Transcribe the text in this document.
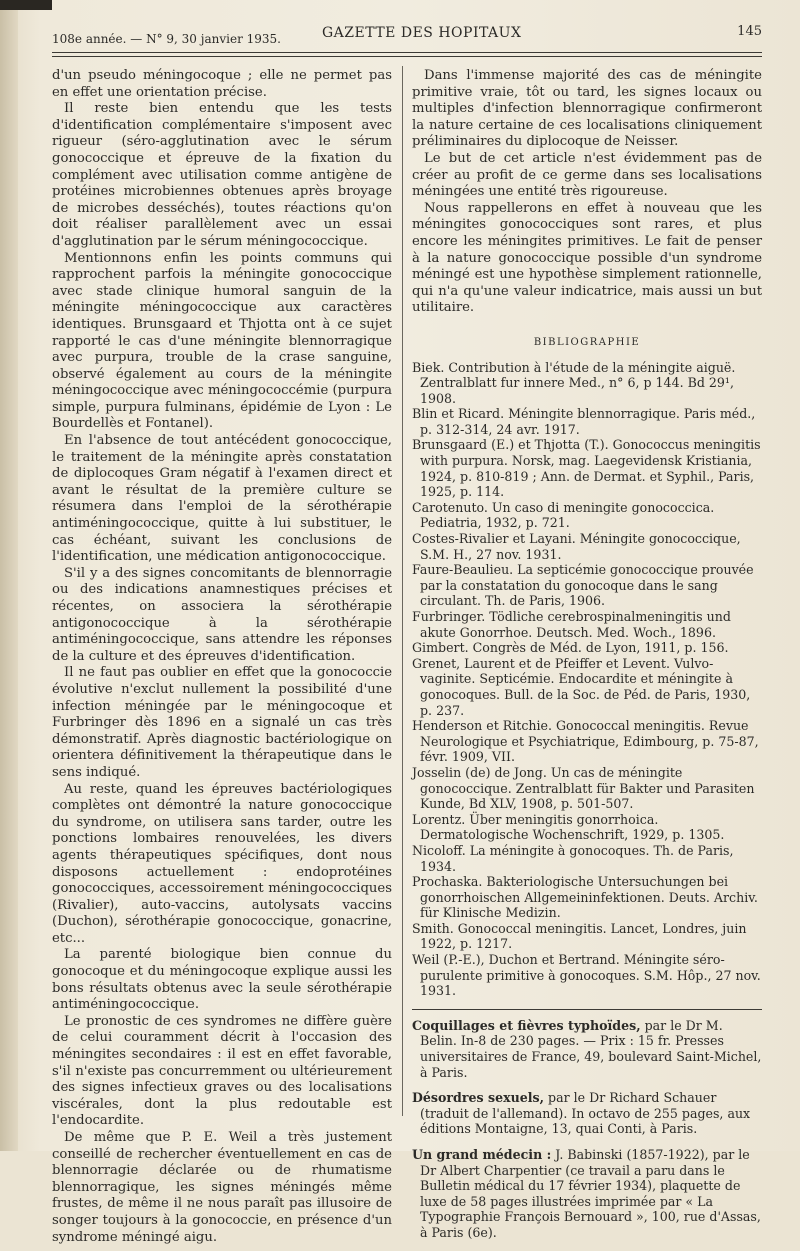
108e année. — N° 9, 30 janvier 1935.	GAZETTE DES HOPITAUX	145

d'un pseudo méningocoque ; elle ne permet pas en effet une orientation précise.

Il reste bien entendu que les tests d'identification complémentaire s'imposent avec rigueur (séro-agglutination avec le sérum gonococcique et épreuve de la fixation du complément avec utilisation comme antigène de protéines microbiennes obtenues après broyage de microbes desséchés), toutes réactions qu'on doit réaliser parallèlement avec un essai d'agglutination par le sérum méningococcique.

Mentionnons enfin les points communs qui rapprochent parfois la méningite gonococcique avec stade clinique humoral sanguin de la méningite méningococcique aux caractères identiques. Brunsgaard et Thjotta ont à ce sujet rapporté le cas d'une méningite blennorragique avec purpura, trouble de la crase sanguine, observé également au cours de la méningite méningococcique avec méningococcémie (purpura simple, purpura fulminans, épidémie de Lyon : Le Bourdellès et Fontanel).

En l'absence de tout antécédent gonococcique, le traitement de la méningite après constatation de diplocoques Gram négatif à l'examen direct et avant le résultat de la première culture se résumera dans l'emploi de la sérothérapie antiméningococcique, quitte à lui substituer, le cas échéant, suivant les conclusions de l'identification, une médication antigonococcique.

S'il y a des signes concomitants de blennorragie ou des indications anamnestiques précises et récentes, on associera la sérothérapie antigonococcique à la sérothérapie antiméningococcique, sans attendre les réponses de la culture et des épreuves d'identification.

Il ne faut pas oublier en effet que la gonococcie évolutive n'exclut nullement la possibilité d'une infection méningée par le méningocoque et Furbringer dès 1896 en a signalé un cas très démonstratif. Après diagnostic bactériologique on orientera définitivement la thérapeutique dans le sens indiqué.

Au reste, quand les épreuves bactériologiques complètes ont démontré la nature gonococcique du syndrome, on utilisera sans tarder, outre les ponctions lombaires renouvelées, les divers agents thérapeutiques spécifiques, dont nous disposons actuellement : endoprotéines gonococciques, accessoirement méningococciques (Rivalier), auto-vaccins, autolysats vaccins (Duchon), sérothérapie gonococcique, gonacrine, etc...

La parenté biologique bien connue du gonocoque et du méningocoque explique aussi les bons résultats obtenus avec la seule sérothérapie antiméningococcique.

Le pronostic de ces syndromes ne diffère guère de celui couramment décrit à l'occasion des méningites secondaires : il est en effet favorable, s'il n'existe pas concurremment ou ultérieurement des signes infectieux graves ou des localisations viscérales, dont la plus redoutable est l'endocardite.

De même que P. E. Weil a très justement conseillé de rechercher éventuellement en cas de blennorragie déclarée ou de rhumatisme blennorragique, les signes méningés même frustes, de même il ne nous paraît pas illusoire de songer toujours à la gonococcie, en présence d'un syndrome méningé aigu.

Dans l'immense majorité des cas de méningite primitive vraie, tôt ou tard, les signes locaux ou multiples d'infection blennorragique confirmeront la nature certaine de ces localisations cliniquement préliminaires du diplocoque de Neisser.

Le but de cet article n'est évidemment pas de créer au profit de ce germe dans ses localisations méningées une entité très rigoureuse.

Nous rappellerons en effet à nouveau que les méningites gonococciques sont rares, et plus encore les méningites primitives. Le fait de penser à la nature gonococcique possible d'un syndrome méningé est une hypothèse simplement rationnelle, qui n'a qu'une valeur indicatrice, mais aussi un but utilitaire.

BIBLIOGRAPHIE

Biek. Contribution à l'étude de la méningite aiguë. Zentralblatt fur innere Med., n° 6, p 144. Bd 29¹, 1908.

Blin et Ricard. Méningite blennorragique. Paris méd., p. 312-314, 24 avr. 1917.

Brunsgaard (E.) et Thjotta (T.). Gonococcus meningitis with purpura. Norsk, mag. Laegevidensk Kristiania, 1924, p. 810-819 ; Ann. de Dermat. et Syphil., Paris, 1925, p. 114.

Carotenuto. Un caso di meningite gonococcica. Pediatria, 1932, p. 721.

Costes-Rivalier et Layani. Méningite gonococcique, S.M. H., 27 nov. 1931.

Faure-Beaulieu. La septicémie gonococcique prouvée par la constatation du gonocoque dans le sang circulant. Th. de Paris, 1906.

Furbringer. Tödliche cerebrospinalmeningitis und akute Gonorrhoe. Deutsch. Med. Woch., 1896.

Gimbert. Congrès de Méd. de Lyon, 1911, p. 156.

Grenet, Laurent et de Pfeiffer et Levent. Vulvo-vaginite. Septicémie. Endocardite et méningite à gonocoques. Bull. de la Soc. de Péd. de Paris, 1930, p. 237.

Henderson et Ritchie. Gonococcal meningitis. Revue Neurologique et Psychiatrique, Edimbourg, p. 75-87, févr. 1909, VII.

Josselin (de) de Jong. Un cas de méningite gonococcique. Zentralblatt für Bakter und Parasiten Kunde, Bd XLV, 1908, p. 501-507.

Lorentz. Über meningitis gonorrhoica. Dermatologische Wochenschrift, 1929, p. 1305.

Nicoloff. La méningite à gonocoques. Th. de Paris, 1934.

Prochaska. Bakteriologische Untersuchungen bei gonorrhoischen Allgemeininfektionen. Deuts. Archiv. für Klinische Medizin.

Smith. Gonococcal meningitis. Lancet, Londres, juin 1922, p. 1217.

Weil (P.-E.), Duchon et Bertrand. Méningite séro-purulente primitive à gonocoques. S.M. Hôp., 27 nov. 1931.

Coquillages et fièvres typhoïdes, par le Dr M. Belin. In-8 de 230 pages. — Prix : 15 fr. Presses universitaires de France, 49, boulevard Saint-Michel, à Paris.

Désordres sexuels, par le Dr Richard Schauer (traduit de l'allemand). In octavo de 255 pages, aux éditions Montaigne, 13, quai Conti, à Paris.

Un grand médecin : J. Babinski (1857-1922), par le Dr Albert Charpentier (ce travail a paru dans le Bulletin médical du 17 février 1934), plaquette de luxe de 58 pages illustrées imprimée par « La Typographie François Bernouard », 100, rue d'Assas, à Paris (6e).
